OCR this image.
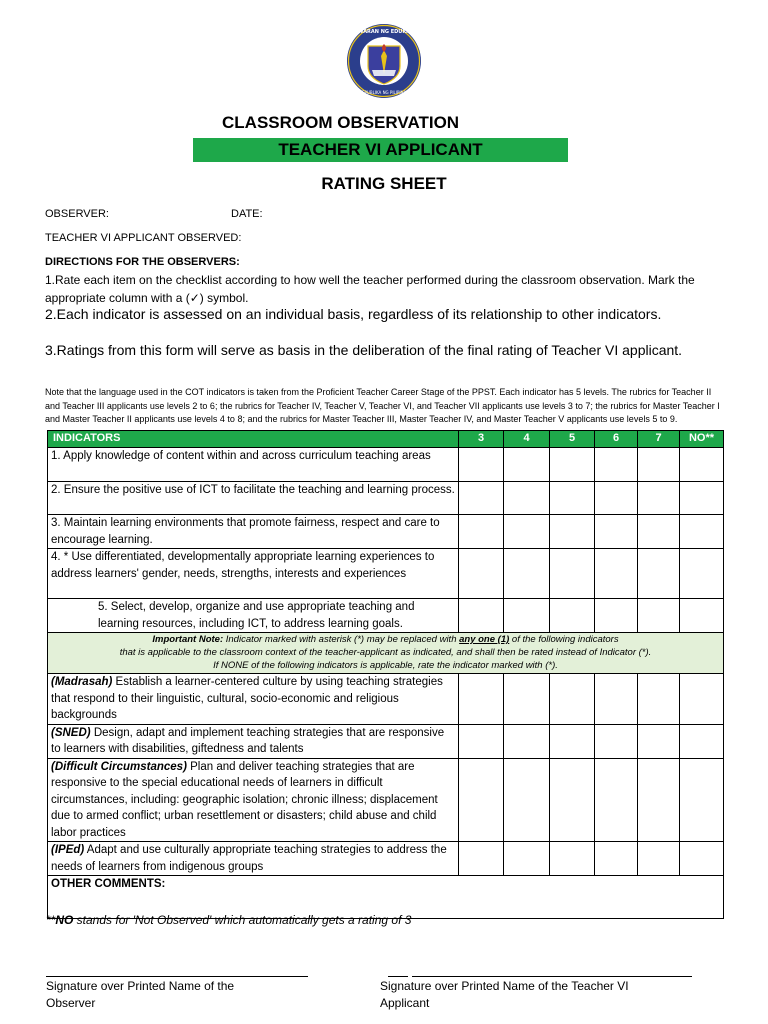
KAGAWARAN NG EDUKASYON
REPUBLIKA NG PILIPINAS
CLASSROOM OBSERVATION
TEACHER VI APPLICANT
RATING SHEET
OBSERVER:	DATE:
TEACHER VI APPLICANT OBSERVED:
DIRECTIONS FOR THE OBSERVERS:
1.Rate each item on the checklist according to how well the teacher performed during the classroom observation. Mark the appropriate column with a (✓) symbol.
2.Each indicator is assessed on an individual basis, regardless of its relationship to other indicators.
3.Ratings from this form will serve as basis in the deliberation of the final rating of Teacher VI applicant.
Note that the language used in the COT indicators is taken from the Proficient Teacher Career Stage of the PPST. Each indicator has 5 levels. The rubrics for Teacher II and Teacher III applicants use levels 2 to 6; the rubrics for Teacher IV, Teacher V, Teacher VI, and Teacher VII applicants use levels 3 to 7; the rubrics for Master Teacher I and Master Teacher II applicants use levels 4 to 8; and the rubrics for Master Teacher III, Master Teacher IV, and Master Teacher V applicants use levels 5 to 9.
INDICATORS	3	4	5	6	7	NO**
1. Apply knowledge of content within and across curriculum teaching areas						
2. Ensure the positive use of ICT to facilitate the teaching and learning process.						
3. Maintain learning environments that promote fairness, respect and care to encourage learning.						
4. * Use differentiated, developmentally appropriate learning experiences to address learners' gender, needs, strengths, interests and experiences						
5. Select, develop, organize and use appropriate teaching and learning resources, including ICT, to address learning goals.						
Important Note: Indicator marked with asterisk (*) may be replaced with any one (1) of the following indicators
that is applicable to the classroom context of the teacher-applicant as indicated, and shall then be rated instead of Indicator (*).
If NONE of the following indicators is applicable, rate the indicator marked with (*).						
(Madrasah) Establish a learner-centered culture by using teaching strategies that respond to their linguistic, cultural, socio-economic and religious backgrounds						
(SNED) Design, adapt and implement teaching strategies that are responsive to learners with disabilities, giftedness and talents						
(Difficult Circumstances) Plan and deliver teaching strategies that are responsive to the special educational needs of learners in difficult circumstances, including: geographic isolation; chronic illness; displacement due to armed conflict; urban resettlement or disasters; child abuse and child labor practices						
(IPEd) Adapt and use culturally appropriate teaching strategies to address the needs of learners from indigenous groups						
OTHER COMMENTS:						
**NO stands for 'Not Observed' which automatically gets a rating of 3
Signature over Printed Name of the Observer
Signature over Printed Name of the Teacher VI Applicant
